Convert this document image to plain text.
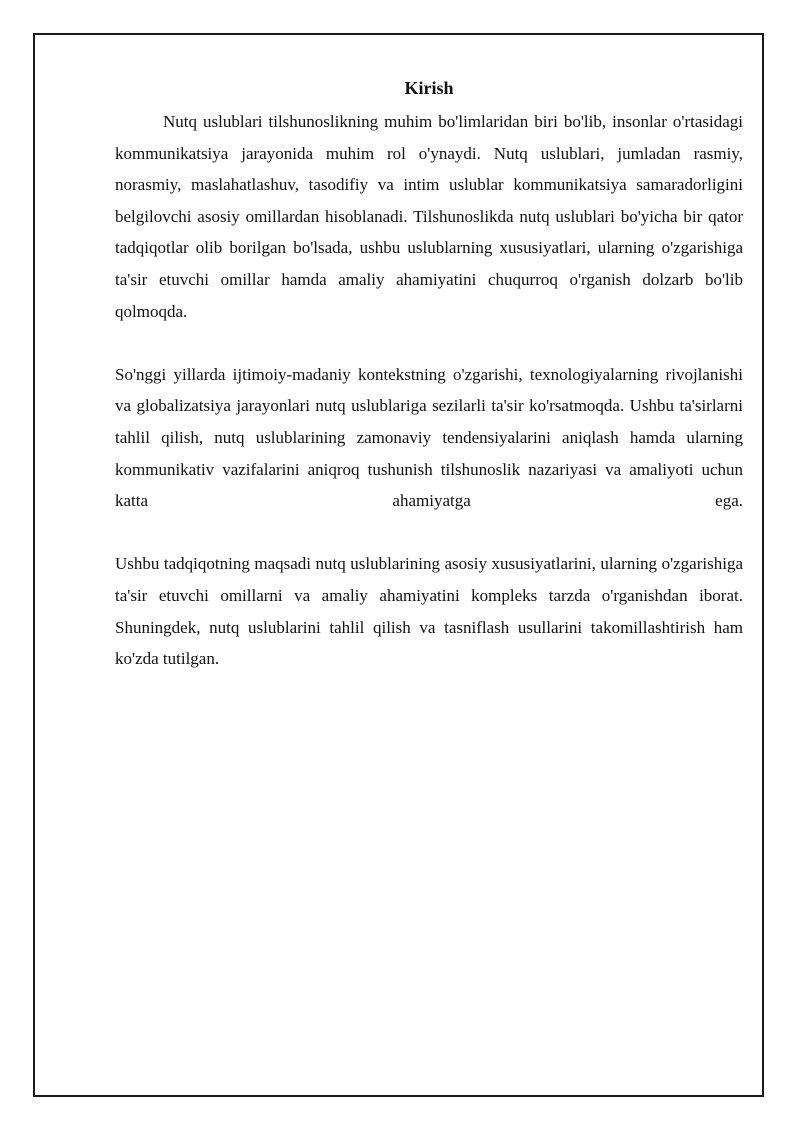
Kirish

Nutq uslublari tilshunoslikning muhim bo'limlaridan biri bo'lib, insonlar o'rtasidagi kommunikatsiya jarayonida muhim rol o'ynaydi. Nutq uslublari, jumladan rasmiy, norasmiy, maslahatlashuv, tasodifiy va intim uslublar kommunikatsiya samaradorligini belgilovchi asosiy omillardan hisoblanadi. Tilshunoslikda nutq uslublari bo'yicha bir qator tadqiqotlar olib borilgan bo'lsada, ushbu uslublarning xususiyatlari, ularning o'zgarishiga ta'sir etuvchi omillar hamda amaliy ahamiyatini chuqurroq o'rganish dolzarb bo'lib qolmoqda.

So'nggi yillarda ijtimoiy-madaniy kontekstning o'zgarishi, texnologiyalarning rivojlanishi va globalizatsiya jarayonlari nutq uslublariga sezilarli ta'sir ko'rsatmoqda. Ushbu ta'sirlarni tahlil qilish, nutq uslublarining zamonaviy tendensiyalarini aniqlash hamda ularning kommunikativ vazifalarini aniqroq tushunish tilshunoslik nazariyasi va amaliyoti uchun katta ahamiyatga ega.

Ushbu tadqiqotning maqsadi nutq uslublarining asosiy xususiyatlarini, ularning o'zgarishiga ta'sir etuvchi omillarni va amaliy ahamiyatini kompleks tarzda o'rganishdan iborat. Shuningdek, nutq uslublarini tahlil qilish va tasniflash usullarini takomillashtirish ham ko'zda tutilgan.
